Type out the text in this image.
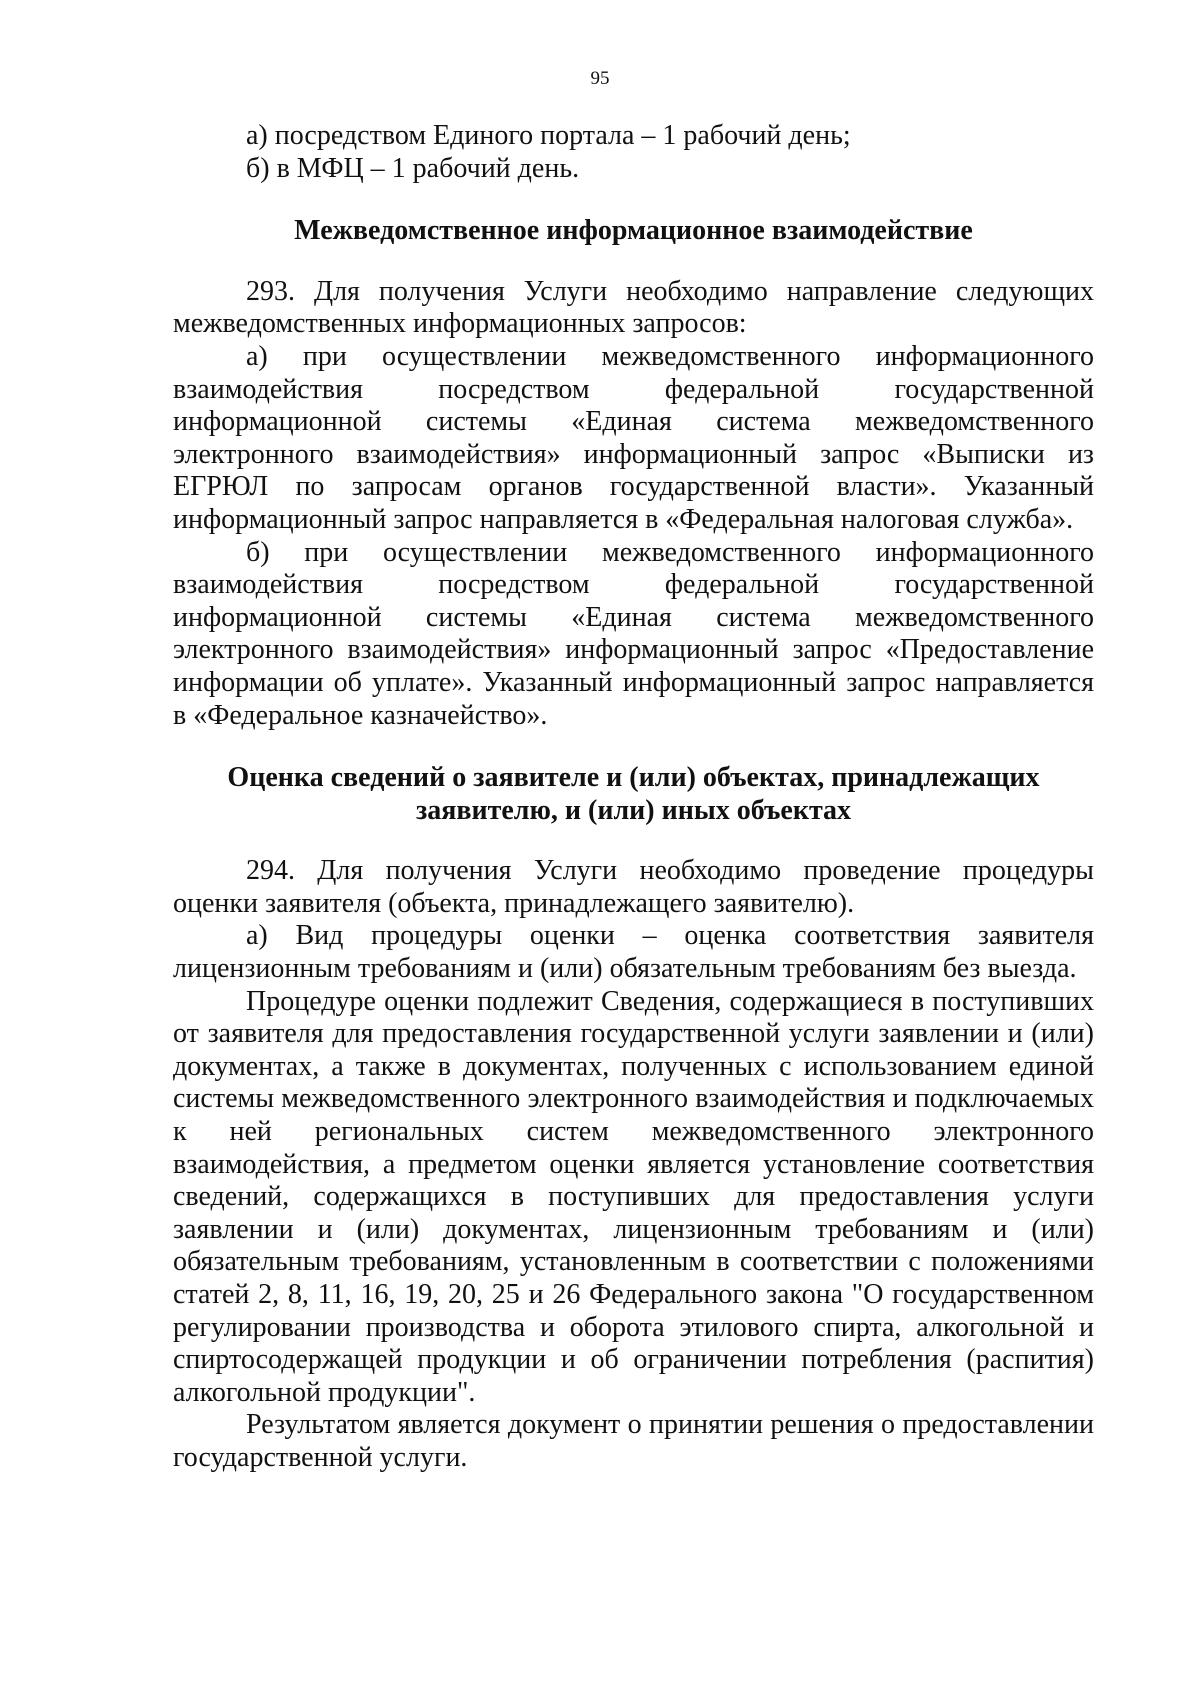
95

а) посредством Единого портала – 1 рабочий день;

б) в МФЦ – 1 рабочий день.

Межведомственное информационное взаимодействие

293. Для получения Услуги необходимо направление следующих межведомственных информационных запросов:

а) при осуществлении межведомственного информационного взаимодействия посредством федеральной государственной информационной системы «Единая система межведомственного электронного взаимодействия» информационный запрос «Выписки из ЕГРЮЛ по запросам органов государственной власти». Указанный информационный запрос направляется в «Федеральная налоговая служба».

б) при осуществлении межведомственного информационного взаимодействия посредством федеральной государственной информационной системы «Единая система межведомственного электронного взаимодействия» информационный запрос «Предоставление информации об уплате». Указанный информационный запрос направляется в «Федеральное казначейство».

Оценка сведений о заявителе и (или) объектах, принадлежащих
заявителю, и (или) иных объектах

294. Для получения Услуги необходимо проведение процедуры оценки заявителя (объекта, принадлежащего заявителю).

а) Вид процедуры оценки – оценка соответствия заявителя лицензионным требованиям и (или) обязательным требованиям без выезда.

Процедуре оценки подлежит Сведения, содержащиеся в поступивших от заявителя для предоставления государственной услуги заявлении и (или) документах, а также в документах, полученных с использованием единой системы межведомственного электронного взаимодействия и подключаемых к ней региональных систем межведомственного электронного взаимодействия, а предметом оценки является установление соответствия сведений, содержащихся в поступивших для предоставления услуги заявлении и (или) документах, лицензионным требованиям и (или) обязательным требованиям, установленным в соответствии с положениями статей 2, 8, 11, 16, 19, 20, 25 и 26 Федерального закона "О государственном регулировании производства и оборота этилового спирта, алкогольной и спиртосодержащей продукции и об ограничении потребления (распития) алкогольной продукции".

Результатом является документ о принятии решения о предоставлении государственной услуги.
